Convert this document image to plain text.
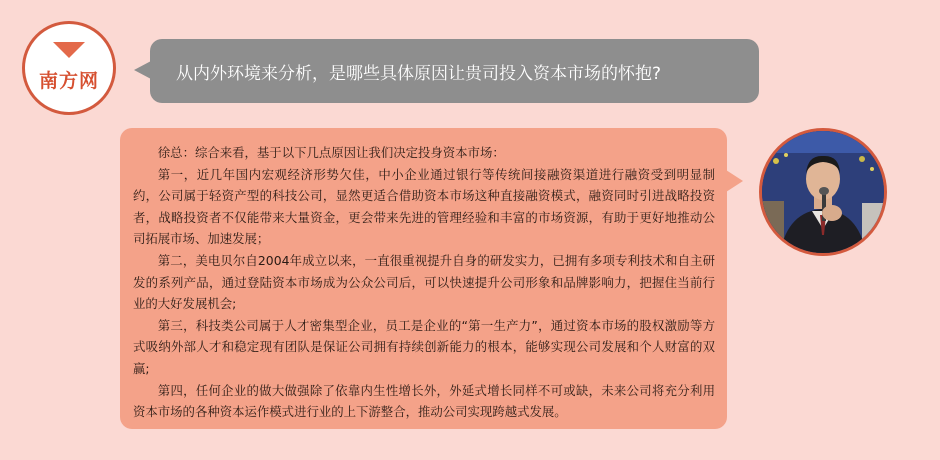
南方网	从内外环境来分析，是哪些具体原因让贵司投入资本市场的怀抱?

徐总：综合来看，基于以下几点原因让我们决定投身资本市场：

第一，近几年国内宏观经济形势欠佳，中小企业通过银行等传统间接融资渠道进行融资受到明显制约，公司属于轻资产型的科技公司，显然更适合借助资本市场这种直接融资模式，融资同时引进战略投资者，战略投资者不仅能带来大量资金，更会带来先进的管理经验和丰富的市场资源，有助于更好地推动公司拓展市场、加速发展；

第二，美电贝尔自2004年成立以来，一直很重视提升自身的研发实力，已拥有多项专利技术和自主研发的系列产品，通过登陆资本市场成为公众公司后，可以快速提升公司形象和品牌影响力，把握住当前行业的大好发展机会;

第三，科技类公司属于人才密集型企业，员工是企业的“第一生产力”，通过资本市场的股权激励等方式吸纳外部人才和稳定现有团队是保证公司拥有持续创新能力的根本，能够实现公司发展和个人财富的双赢;

第四，任何企业的做大做强除了依靠内生性增长外，外延式增长同样不可或缺，未来公司将充分利用资本市场的各种资本运作模式进行业的上下游整合，推动公司实现跨越式发展。
